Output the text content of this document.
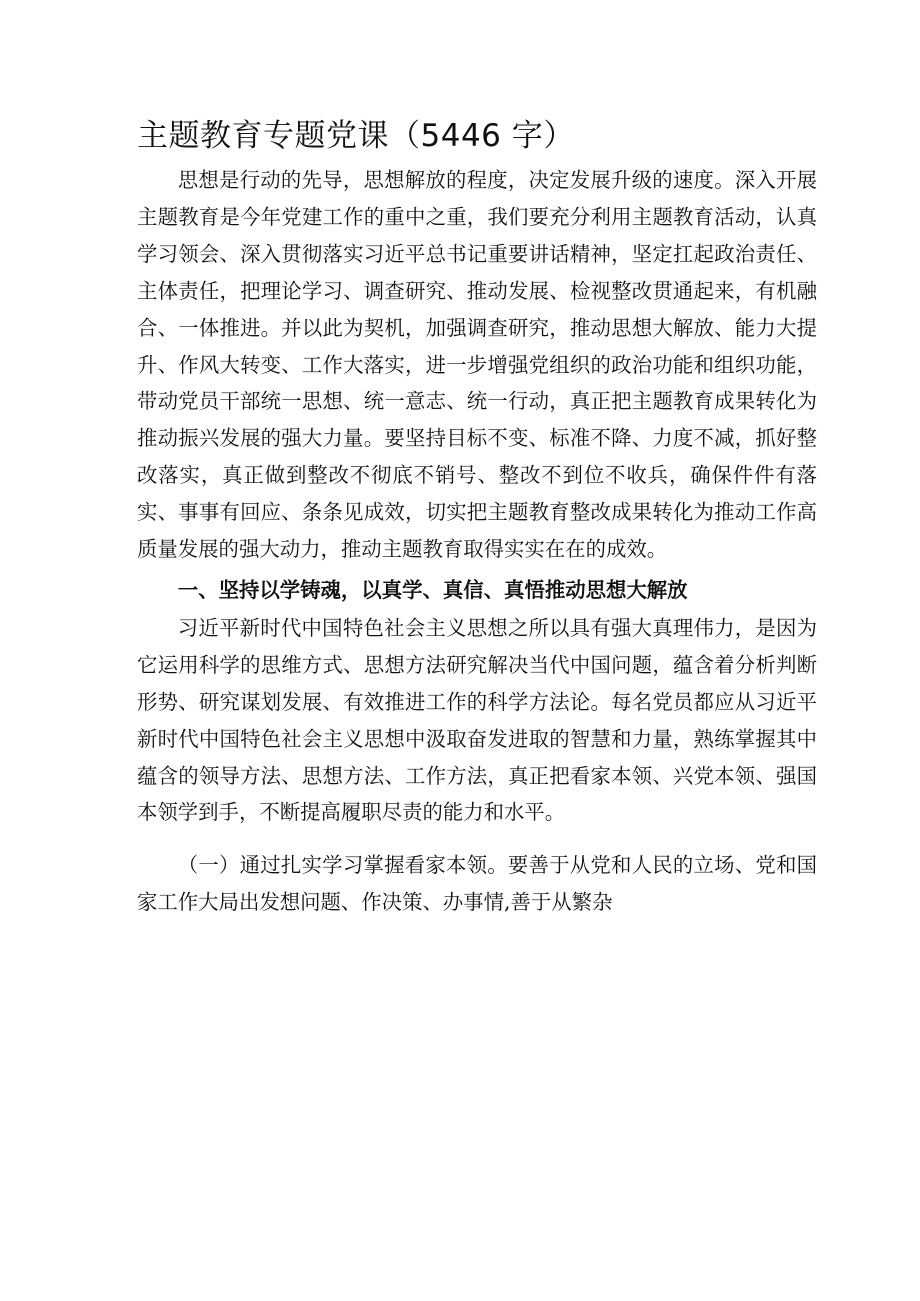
主题教育专题党课（5446 字）

思想是行动的先导，思想解放的程度，决定发展升级的速度。深入开展主题教育是今年党建工作的重中之重，我们要充分利用主题教育活动，认真学习领会、深入贯彻落实习近平总书记重要讲话精神，坚定扛起政治责任、主体责任，把理论学习、调查研究、推动发展、检视整改贯通起来，有机融合、一体推进。并以此为契机，加强调查研究，推动思想大解放、能力大提升、作风大转变、工作大落实，进一步增强党组织的政治功能和组织功能，带动党员干部统一思想、统一意志、统一行动，真正把主题教育成果转化为推动振兴发展的强大力量。要坚持目标不变、标准不降、力度不减，抓好整改落实，真正做到整改不彻底不销号、整改不到位不收兵，确保件件有落实、事事有回应、条条见成效，切实把主题教育整改成果转化为推动工作高质量发展的强大动力，推动主题教育取得实实在在的成效。

一、坚持以学铸魂，以真学、真信、真悟推动思想大解放

习近平新时代中国特色社会主义思想之所以具有强大真理伟力，是因为它运用科学的思维方式、思想方法研究解决当代中国问题，蕴含着分析判断形势、研究谋划发展、有效推进工作的科学方法论。每名党员都应从习近平新时代中国特色社会主义思想中汲取奋发进取的智慧和力量，熟练掌握其中蕴含的领导方法、思想方法、工作方法，真正把看家本领、兴党本领、强国本领学到手，不断提高履职尽责的能力和水平。

（一）通过扎实学习掌握看家本领。要善于从党和人民的立场、党和国家工作大局出发想问题、作决策、办事情,善于从繁杂
